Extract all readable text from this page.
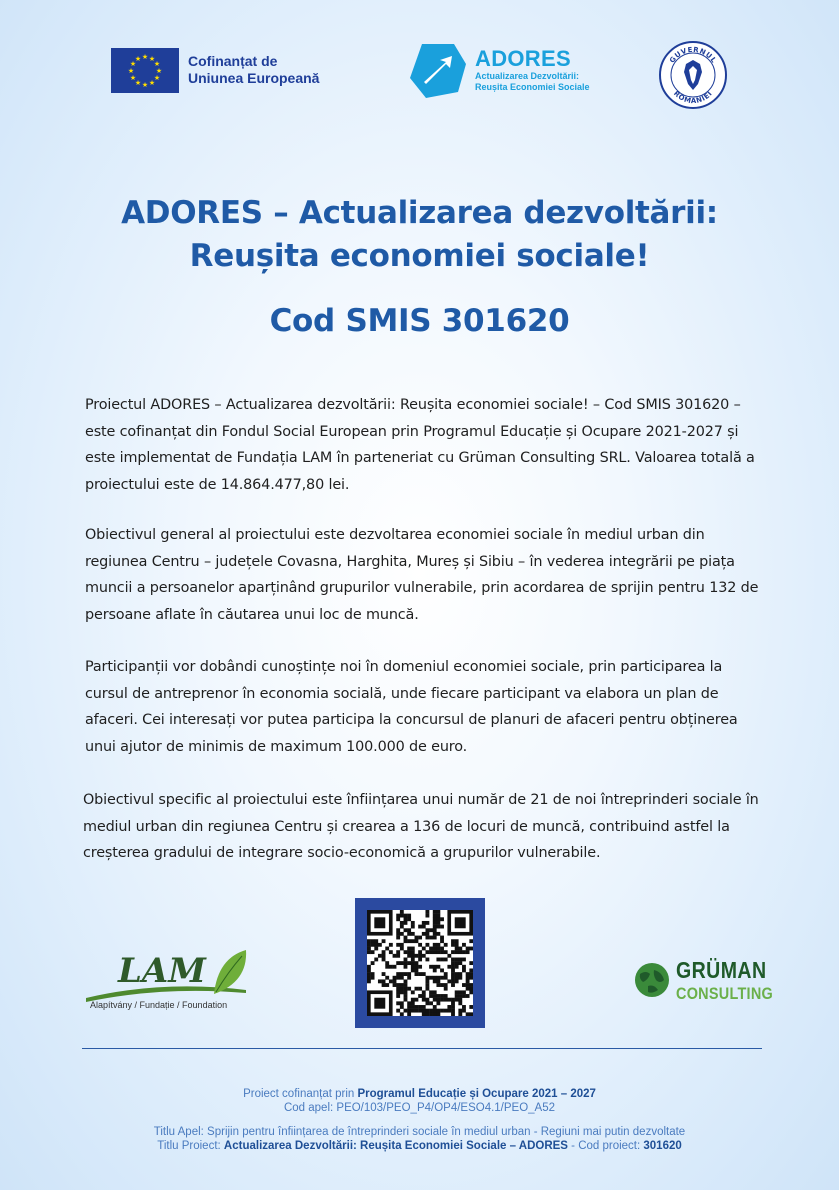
★ ★
★
★
★
★
★
★
★
★
★
★	Cofinanțat de
Uniunea Europeană
ADORES
Actualizarea Dezvoltării:
Reușita Economiei Sociale
GUVERNUL
ROMÂNIEI
ADORES – Actualizarea dezvoltării:
Reușita economiei sociale!
Cod SMIS 301620
Proiectul ADORES – Actualizarea dezvoltării: Reușita economiei sociale! – Cod SMIS 301620 – este cofinanțat din Fondul Social European prin Programul Educație și Ocupare 2021-2027 și este implementat de Fundația LAM în parteneriat cu Grüman Consulting SRL. Valoarea totală a proiectului este de 14.864.477,80 lei.
Obiectivul general al proiectului este dezvoltarea economiei sociale în mediul urban din regiunea Centru – județele Covasna, Harghita, Mureș și Sibiu – în vederea integrării pe piața muncii a persoanelor aparținând grupurilor vulnerabile, prin acordarea de sprijin pentru 132 de persoane aflate în căutarea unui loc de muncă.
Participanții vor dobândi cunoștințe noi în domeniul economiei sociale, prin participarea la cursul de antreprenor în economia socială, unde fiecare participant va elabora un plan de afaceri. Cei interesați vor putea participa la concursul de planuri de afaceri pentru obținerea unui ajutor de minimis de maximum 100.000 de euro.
Obiectivul specific al proiectului este înființarea unui număr de 21 de noi întreprinderi sociale în mediul urban din regiunea Centru și crearea a 136 de locuri de muncă, contribuind astfel la creșterea gradului de integrare socio-economică a grupurilor vulnerabile.
LAM
Alapítvány / Fundație / Foundation
GRÜMAN
CONSULTING
Proiect cofinanțat prin Programul Educație și Ocupare 2021 – 2027
Cod apel: PEO/103/PEO_P4/OP4/ESO4.1/PEO_A52
Titlu Apel: Sprijin pentru înființarea de întreprinderi sociale în mediul urban - Regiuni mai putin dezvoltate
Titlu Proiect: Actualizarea Dezvoltării: Reușita Economiei Sociale – ADORES - Cod proiect: 301620
